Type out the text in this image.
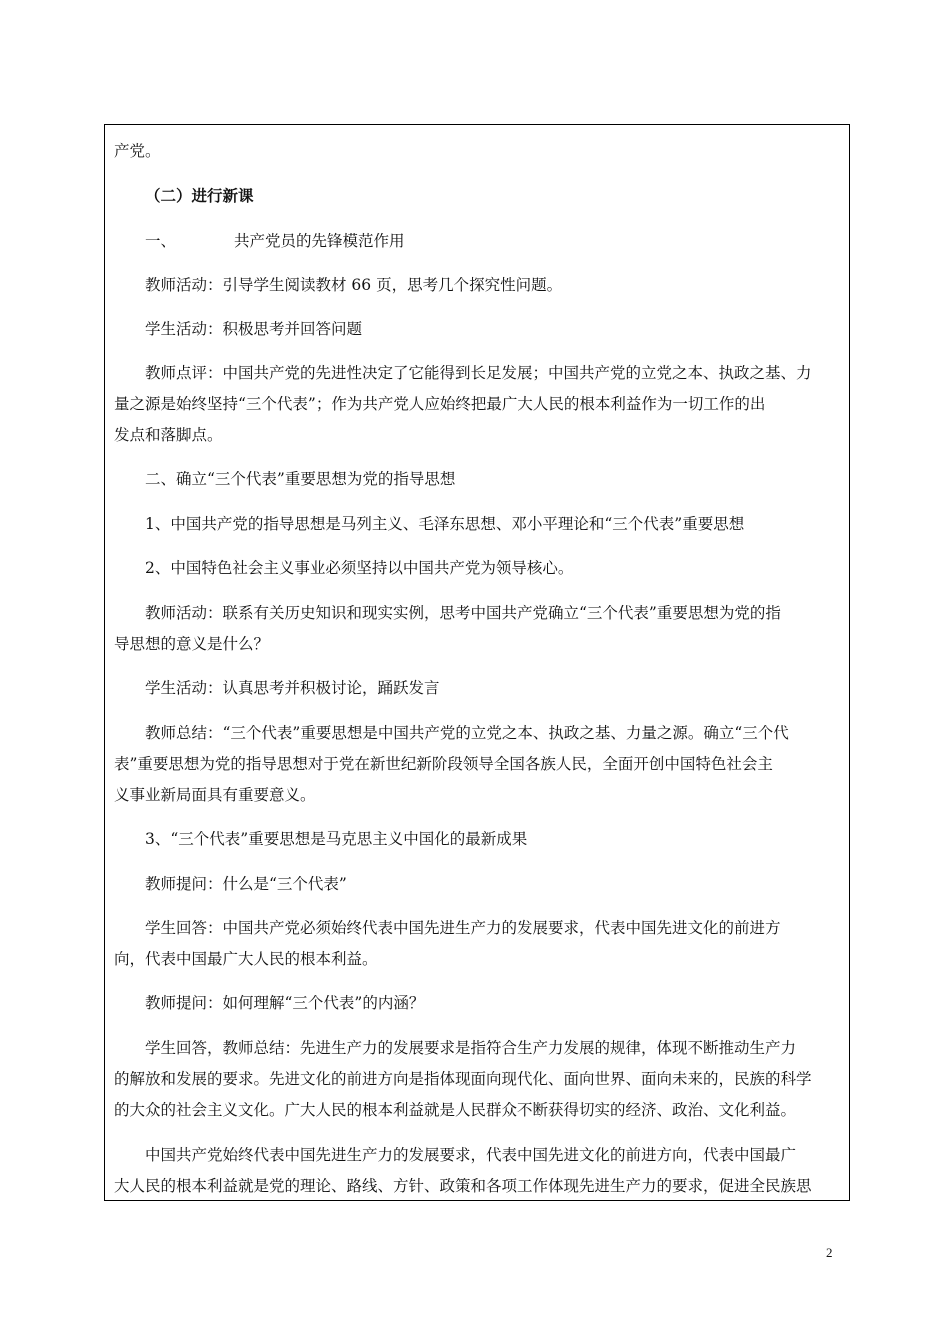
产党。
（二）进行新课
一、	共产党员的先锋模范作用
教师活动：引导学生阅读教材 66 页，思考几个探究性问题。
学生活动：积极思考并回答问题
教师点评：中国共产党的先进性决定了它能得到长足发展；中国共产党的立党之本、执政之基、力
量之源是始终坚持“三个代表”；作为共产党人应始终把最广大人民的根本利益作为一切工作的出
发点和落脚点。
二、确立“三个代表”重要思想为党的指导思想
1、中国共产党的指导思想是马列主义、毛泽东思想、邓小平理论和“三个代表”重要思想
2、中国特色社会主义事业必须坚持以中国共产党为领导核心。
教师活动：联系有关历史知识和现实实例，思考中国共产党确立“三个代表”重要思想为党的指
导思想的意义是什么？
学生活动：认真思考并积极讨论，踊跃发言
教师总结：“三个代表”重要思想是中国共产党的立党之本、执政之基、力量之源。确立“三个代
表”重要思想为党的指导思想对于党在新世纪新阶段领导全国各族人民，全面开创中国特色社会主
义事业新局面具有重要意义。
3、“三个代表”重要思想是马克思主义中国化的最新成果
教师提问：什么是“三个代表”
学生回答：中国共产党必须始终代表中国先进生产力的发展要求，代表中国先进文化的前进方
向，代表中国最广大人民的根本利益。
教师提问：如何理解“三个代表”的内涵？
学生回答，教师总结：先进生产力的发展要求是指符合生产力发展的规律，体现不断推动生产力
的解放和发展的要求。先进文化的前进方向是指体现面向现代化、面向世界、面向未来的，民族的科学
的大众的社会主义文化。广大人民的根本利益就是人民群众不断获得切实的经济、政治、文化利益。
中国共产党始终代表中国先进生产力的发展要求，代表中国先进文化的前进方向，代表中国最广
大人民的根本利益就是党的理论、路线、方针、政策和各项工作体现先进生产力的要求，促进全民族思
2
